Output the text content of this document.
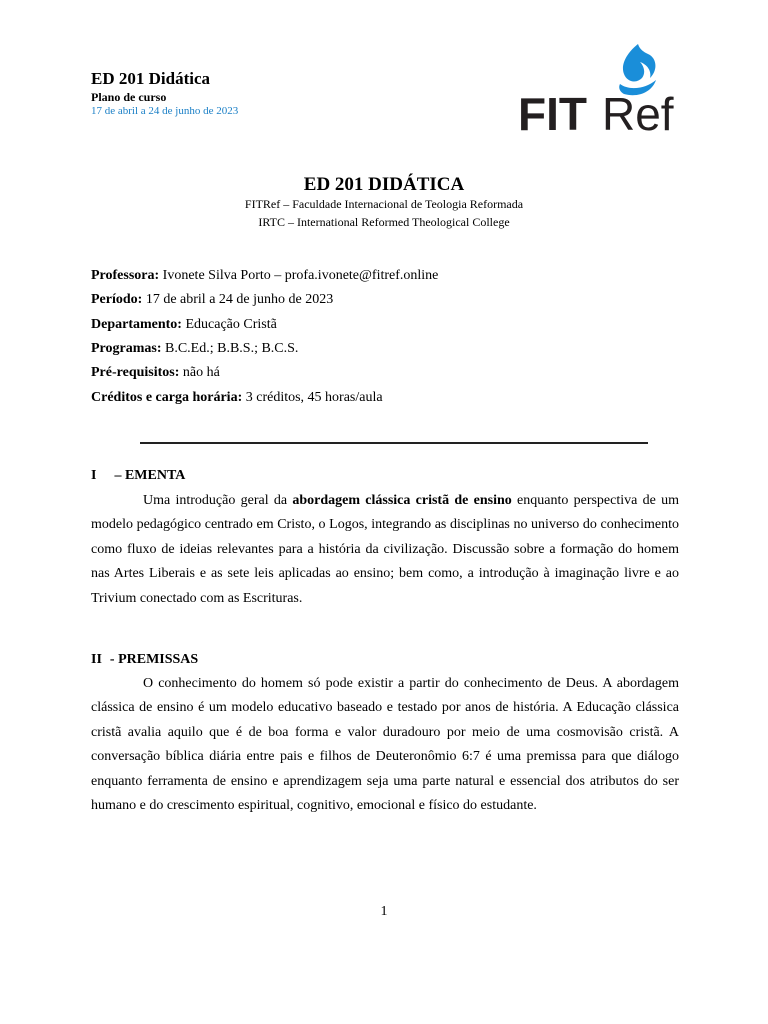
ED 201 Didática
Plano de curso
17 de abril a 24 de junho de 2023	FIT Ref
ED 201 DIDÁTICA
FITRef – Faculdade Internacional de Teologia Reformada
IRTC – International Reformed Theological College
Professora: Ivonete Silva Porto – profa.ivonete@fitref.online
Período: 17 de abril a 24 de junho de 2023
Departamento: Educação Cristã
Programas: B.C.Ed.; B.B.S.; B.C.S.
Pré-requisitos: não há
Créditos e carga horária: 3 créditos, 45 horas/aula
I – EMENTA
Uma introdução geral da abordagem clássica cristã de ensino enquanto perspectiva de um modelo pedagógico centrado em Cristo, o Logos, integrando as disciplinas no universo do conhecimento como fluxo de ideias relevantes para a história da civilização. Discussão sobre a formação do homem nas Artes Liberais e as sete leis aplicadas ao ensino; bem como, a introdução à imaginação livre e ao Trivium conectado com as Escrituras.
II - PREMISSAS
O conhecimento do homem só pode existir a partir do conhecimento de Deus. A abordagem clássica de ensino é um modelo educativo baseado e testado por anos de história. A Educação clássica cristã avalia aquilo que é de boa forma e valor duradouro por meio de uma cosmovisão cristã. A conversação bíblica diária entre pais e filhos de Deuteronômio 6:7 é uma premissa para que diálogo enquanto ferramenta de ensino e aprendizagem seja uma parte natural e essencial dos atributos do ser humano e do crescimento espiritual, cognitivo, emocional e físico do estudante.
1
